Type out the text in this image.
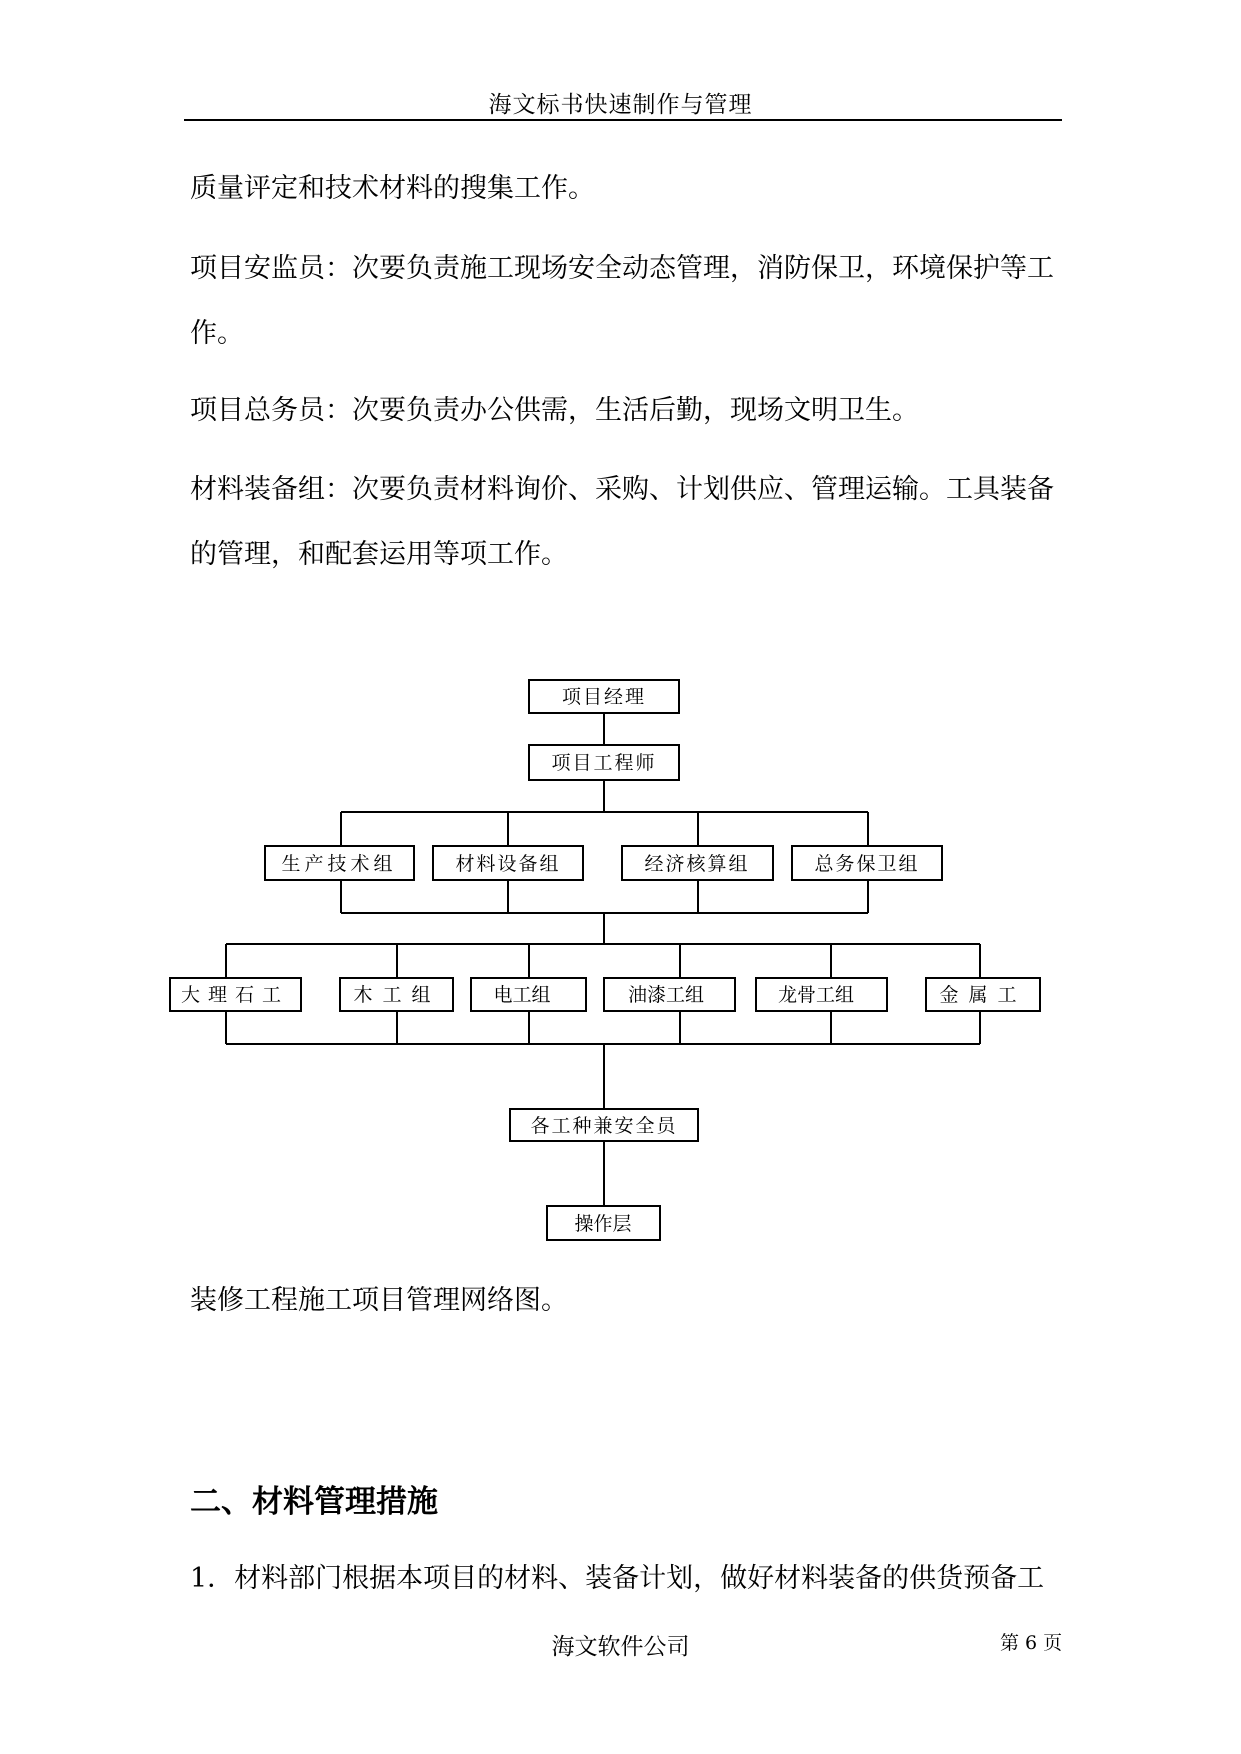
海文标书快速制作与管理
质量评定和技术材料的搜集工作。
项目安监员：次要负责施工现场安全动态管理，消防保卫，环境保护等工
作。
项目总务员：次要负责办公供需，生活后勤，现场文明卫生。
材料装备组：次要负责材料询价、采购、计划供应、管理运输。工具装备
的管理，和配套运用等项工作。
项目经理
项目工程师
生产技术组	材料设备组	经济核算组	总务保卫组
大理石工	木工组	电工组	油漆工组	龙骨工组	金属工
各工种兼安全员
操作层
装修工程施工项目管理网络图。
二、材料管理措施
1．材料部门根据本项目的材料、装备计划，做好材料装备的供货预备工
海文软件公司	第 6 页
